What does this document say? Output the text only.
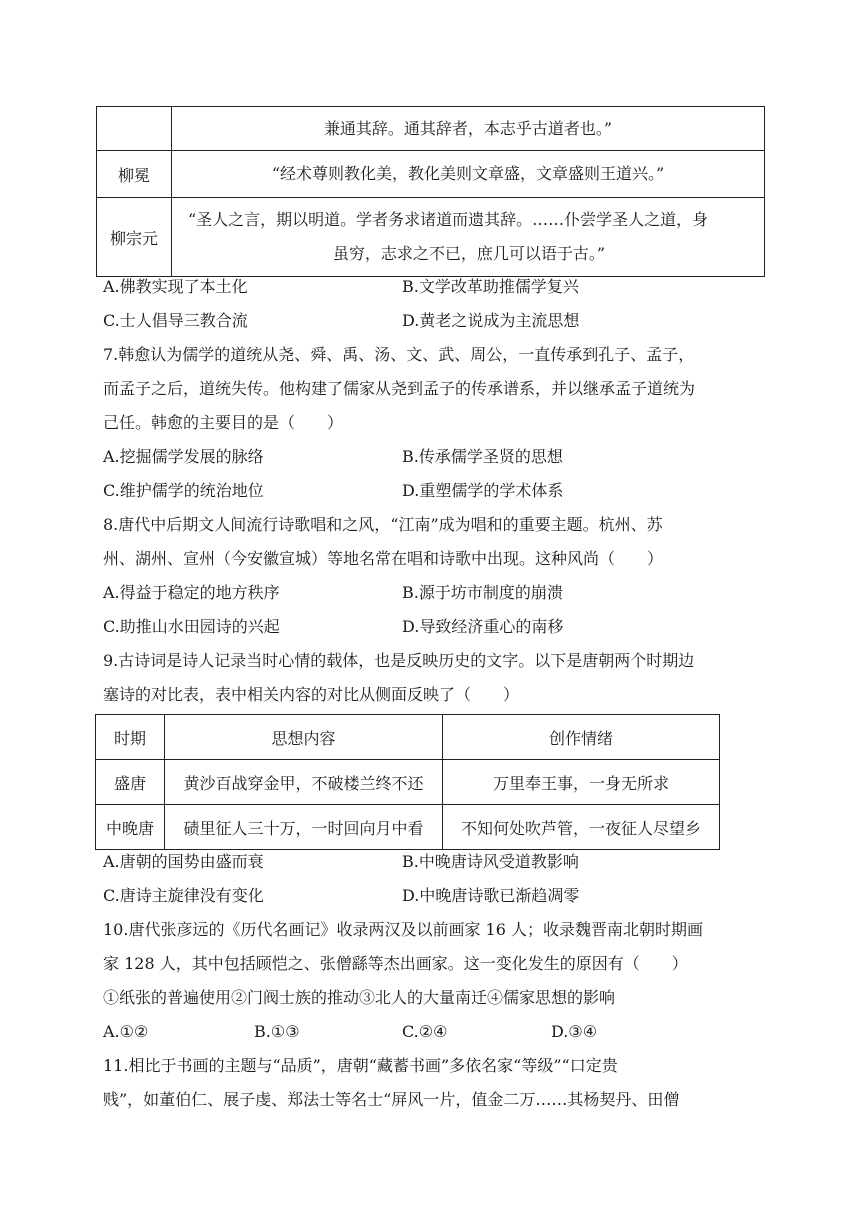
	兼通其辞。通其辞者，本志乎古道者也。”
柳冕	“经术尊则教化美，教化美则文章盛，文章盛则王道兴。”
柳宗元	“圣人之言，期以明道。学者务求诸道而遗其辞。……仆尝学圣人之道，身
虽穷，志求之不已，庶几可以语于古。”
A.佛教实现了本土化	B.文学改革助推儒学复兴
C.士人倡导三教合流	D.黄老之说成为主流思想
7.韩愈认为儒学的道统从尧、舜、禹、汤、文、武、周公，一直传承到孔子、孟子，
而孟子之后，道统失传。他构建了儒家从尧到孟子的传承谱系，并以继承孟子道统为
己任。韩愈的主要目的是（　　）
A.挖掘儒学发展的脉络	B.传承儒学圣贤的思想
C.维护儒学的统治地位	D.重塑儒学的学术体系
8.唐代中后期文人间流行诗歌唱和之风，“江南”成为唱和的重要主题。杭州、苏
州、湖州、宣州（今安徽宣城）等地名常在唱和诗歌中出现。这种风尚（　　）
A.得益于稳定的地方秩序	B.源于坊市制度的崩溃
C.助推山水田园诗的兴起	D.导致经济重心的南移
9.古诗词是诗人记录当时心情的载体，也是反映历史的文字。以下是唐朝两个时期边
塞诗的对比表，表中相关内容的对比从侧面反映了（　　）
时期	思想内容	创作情绪
盛唐	黄沙百战穿金甲，不破楼兰终不还	万里奉王事，一身无所求
中晚唐	碛里征人三十万，一时回向月中看	不知何处吹芦管，一夜征人尽望乡
A.唐朝的国势由盛而衰	B.中晚唐诗风受道教影响
C.唐诗主旋律没有变化	D.中晚唐诗歌已渐趋凋零
10.唐代张彦远的《历代名画记》收录两汉及以前画家 16 人；收录魏晋南北朝时期画
家 128 人，其中包括顾恺之、张僧繇等杰出画家。这一变化发生的原因有（　　）
①纸张的普遍使用②门阀士族的推动③北人的大量南迁④儒家思想的影响
A.①②	B.①③	C.②④	D.③④
11.相比于书画的主题与“品质”，唐朝“藏蓄书画”多依名家“等级”“口定贵
贱”，如董伯仁、展子虔、郑法士等名士“屏风一片，值金二万……其杨契丹、田僧
